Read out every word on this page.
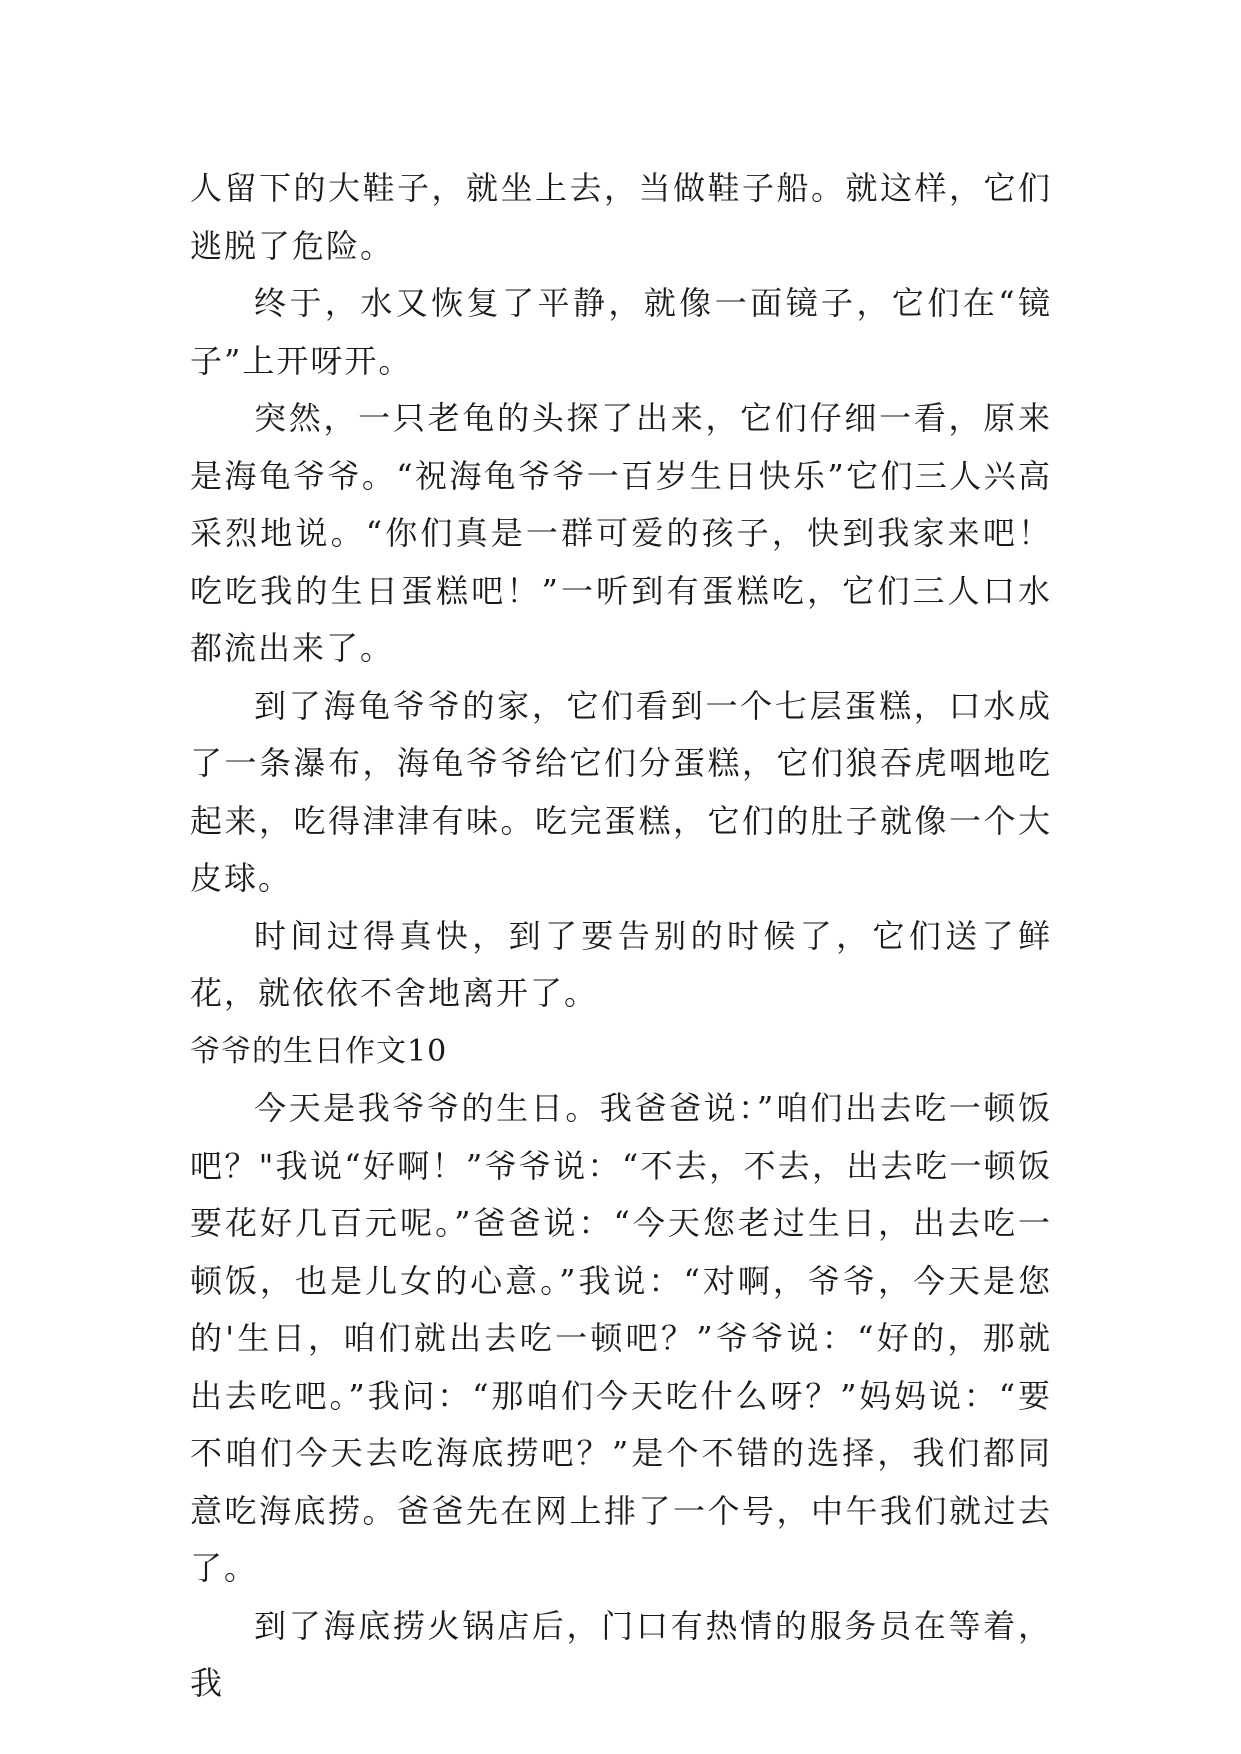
人留下的大鞋子，就坐上去，当做鞋子船。就这样，它们逃脱了危险。

终于，水又恢复了平静，就像一面镜子，它们在“镜子”上开呀开。

突然，一只老龟的头探了出来，它们仔细一看，原来是海龟爷爷。“祝海龟爷爷一百岁生日快乐”它们三人兴高采烈地说。“你们真是一群可爱的孩子，快到我家来吧！吃吃我的生日蛋糕吧！”一听到有蛋糕吃，它们三人口水都流出来了。

到了海龟爷爷的家，它们看到一个七层蛋糕，口水成了一条瀑布，海龟爷爷给它们分蛋糕，它们狼吞虎咽地吃起来，吃得津津有味。吃完蛋糕，它们的肚子就像一个大皮球。

时间过得真快，到了要告别的时候了，它们送了鲜花，就依依不舍地离开了。

爷爷的生日作文10

今天是我爷爷的生日。我爸爸说：”咱们出去吃一顿饭吧？"我说“好啊！”爷爷说：“不去，不去，出去吃一顿饭要花好几百元呢。”爸爸说：“今天您老过生日，出去吃一顿饭，也是儿女的心意。”我说：“对啊，爷爷，今天是您的'生日，咱们就出去吃一顿吧？”爷爷说：“好的，那就出去吃吧。”我问：“那咱们今天吃什么呀？”妈妈说：“要不咱们今天去吃海底捞吧？”是个不错的选择，我们都同意吃海底捞。爸爸先在网上排了一个号，中午我们就过去了。

到了海底捞火锅店后，门口有热情的服务员在等着，我
